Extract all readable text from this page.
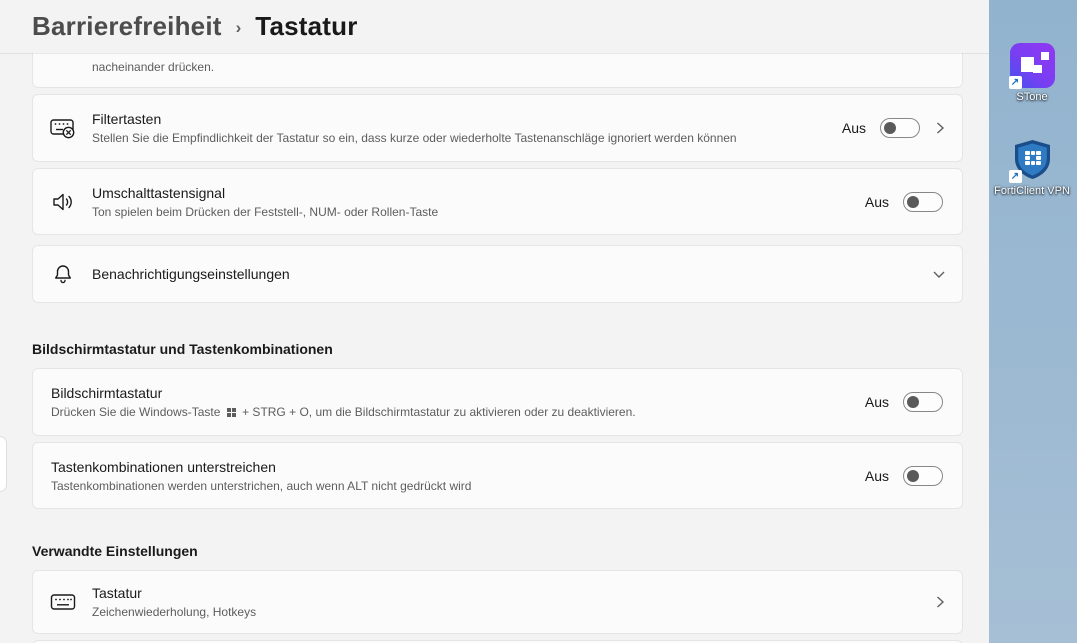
nacheinander drücken.
Filtertasten
Stellen Sie die Empfindlichkeit der Tastatur so ein, dass kurze oder wiederholte Tastenanschläge ignoriert werden können
Aus
Umschalttastensignal
Ton spielen beim Drücken der Feststell-, NUM- oder Rollen-Taste
Aus
Benachrichtigungseinstellungen
Bildschirmtastatur und Tastenkombinationen
Bildschirmtastatur
Drücken Sie die Windows-Taste + STRG + O, um die Bildschirmtastatur zu aktivieren oder zu deaktivieren.
Aus
Tastenkombinationen unterstreichen
Tastenkombinationen werden unterstrichen, auch wenn ALT nicht gedrückt wird
Aus
Verwandte Einstellungen
Tastatur
Zeichenwiederholung, Hotkeys
Barrierefreiheit › Tastatur
↗
STone
↗
FortiClient VPN
